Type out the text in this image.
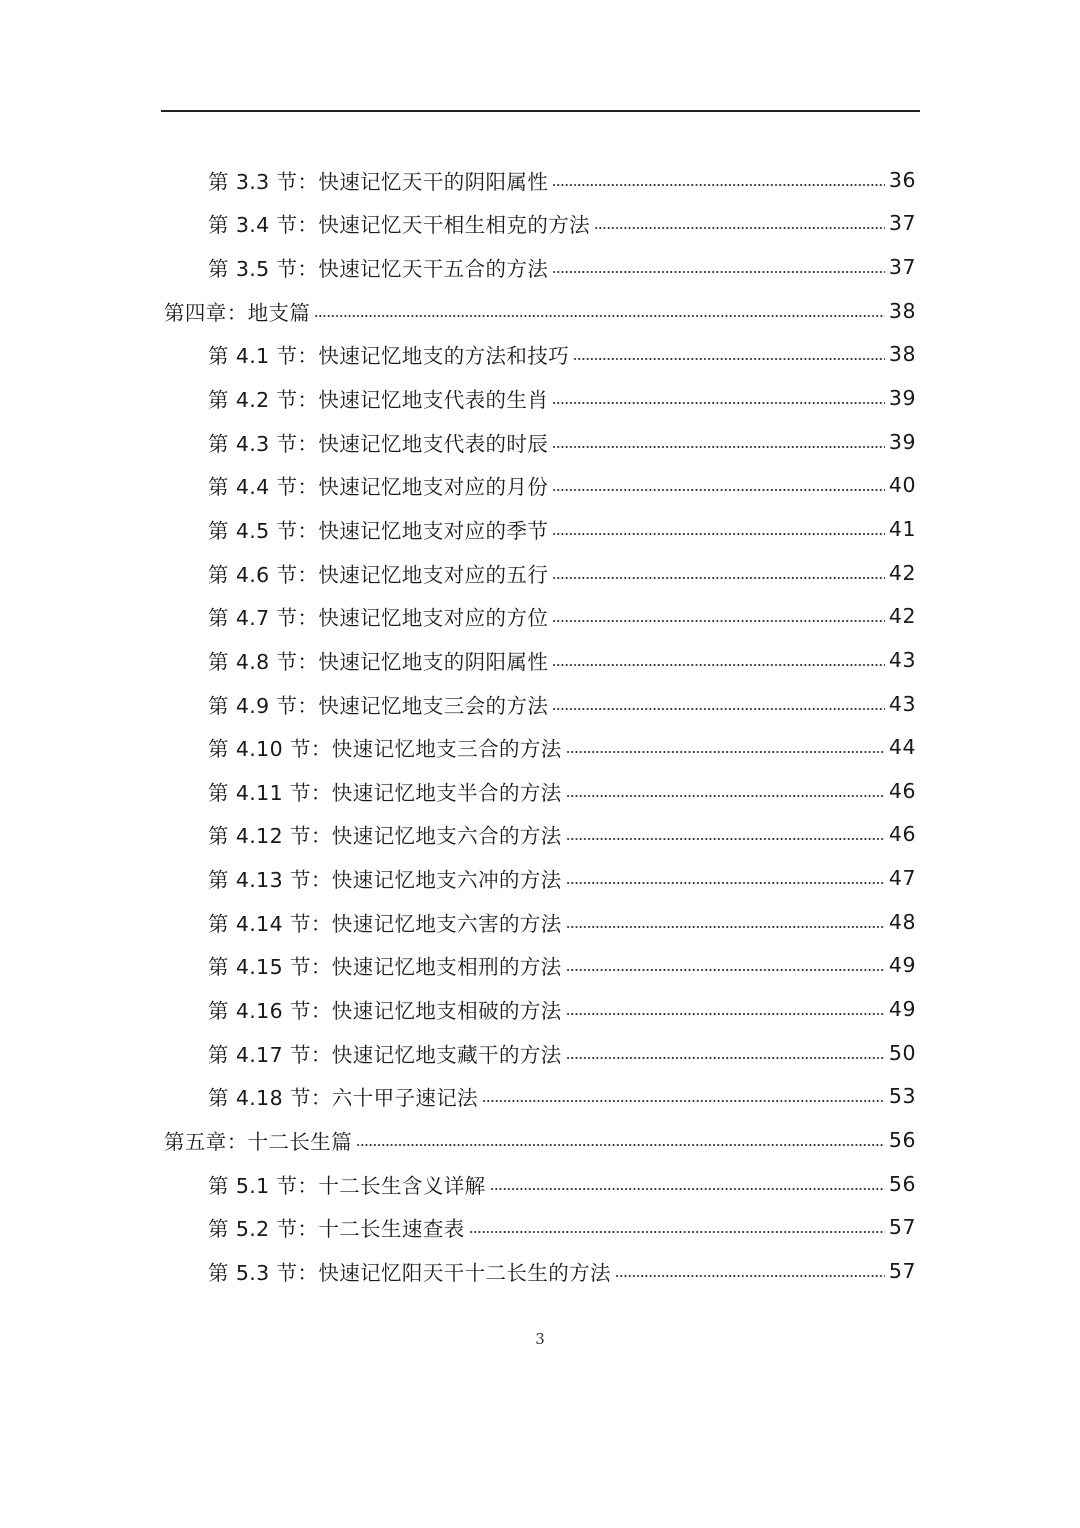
第 3.3 节：快速记忆天干的阴阳属性	36
第 3.4 节：快速记忆天干相生相克的方法	37
第 3.5 节：快速记忆天干五合的方法	37
第四章：地支篇	38
第 4.1 节：快速记忆地支的方法和技巧	38
第 4.2 节：快速记忆地支代表的生肖	39
第 4.3 节：快速记忆地支代表的时辰	39
第 4.4 节：快速记忆地支对应的月份	40
第 4.5 节：快速记忆地支对应的季节	41
第 4.6 节：快速记忆地支对应的五行	42
第 4.7 节：快速记忆地支对应的方位	42
第 4.8 节：快速记忆地支的阴阳属性	43
第 4.9 节：快速记忆地支三会的方法	43
第 4.10 节：快速记忆地支三合的方法	44
第 4.11 节：快速记忆地支半合的方法	46
第 4.12 节：快速记忆地支六合的方法	46
第 4.13 节：快速记忆地支六冲的方法	47
第 4.14 节：快速记忆地支六害的方法	48
第 4.15 节：快速记忆地支相刑的方法	49
第 4.16 节：快速记忆地支相破的方法	49
第 4.17 节：快速记忆地支藏干的方法	50
第 4.18 节：六十甲子速记法	53
第五章：十二长生篇	56
第 5.1 节：十二长生含义详解	56
第 5.2 节：十二长生速查表	57
第 5.3 节：快速记忆阳天干十二长生的方法	57
3
